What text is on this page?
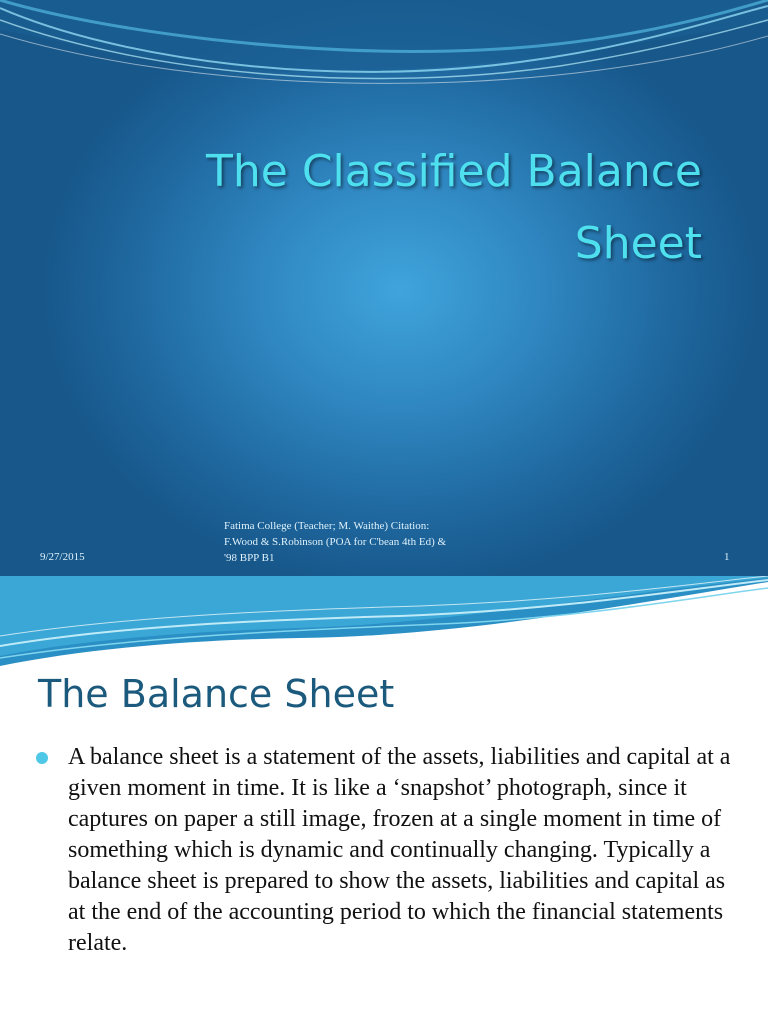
The Classified Balance
Sheet
9/27/2015
Fatima College (Teacher; M. Waithe) Citation:
F.Wood & S.Robinson (POA for C'bean 4th Ed) &
'98 BPP B1	1
The Balance Sheet

A balance sheet is a statement of the assets, liabilities and capital at a given moment in time. It is like a ‘snapshot’ photograph, since it captures on paper a still image, frozen at a single moment in time of something which is dynamic and continually changing. Typically a balance sheet is prepared to show the assets, liabilities and capital as at the end of the accounting period to which the financial statements relate.
